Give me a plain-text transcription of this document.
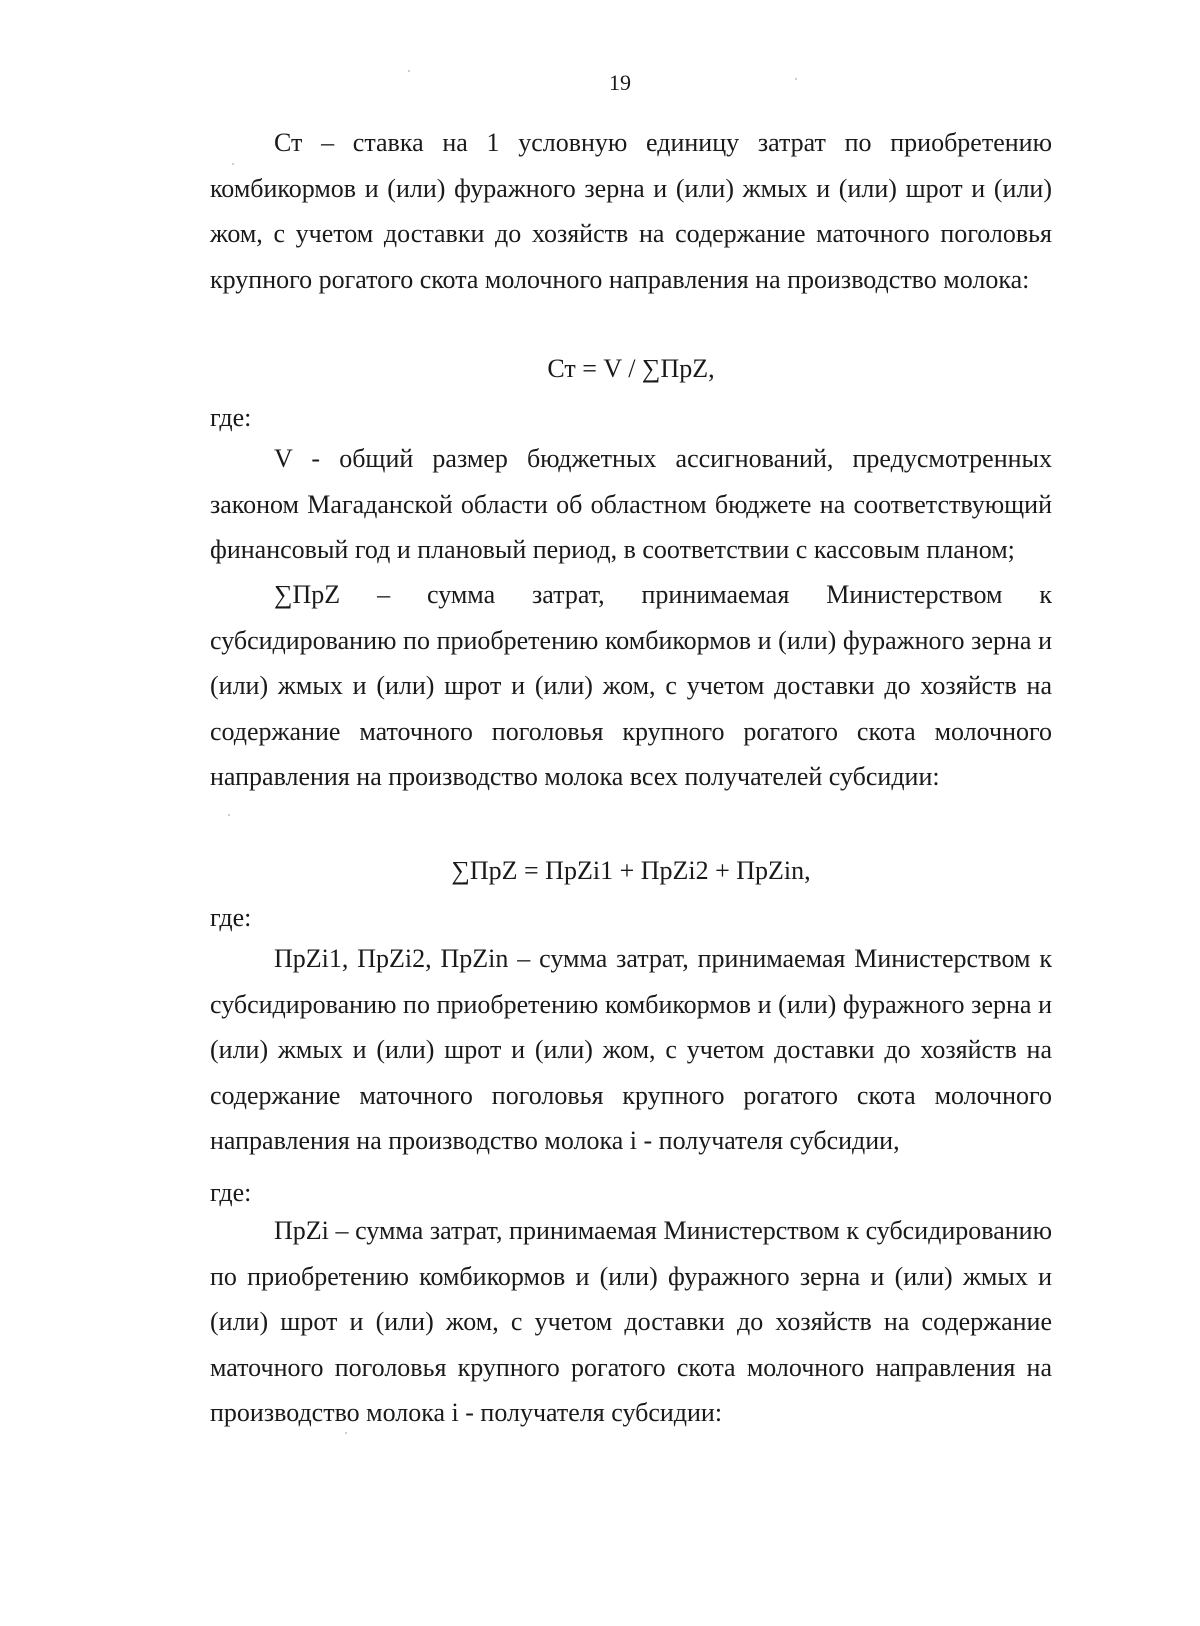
19

Ст – ставка на 1 условную единицу затрат по приобретению комбикормов и (или) фуражного зерна и (или) жмых и (или) шрот и (или) жом, с учетом доставки до хозяйств на содержание маточного поголовья крупного рогатого скота молочного направления на производство молока:

Ст = V / ∑ПрZ,

где:

V - общий размер бюджетных ассигнований, предусмотренных законом Магаданской области об областном бюджете на соответствующий финансовый год и плановый период, в соответствии с кассовым планом;

∑ПрZ – сумма затрат, принимаемая Министерством к субсидированию по приобретению комбикормов и (или) фуражного зерна и (или) жмых и (или) шрот и (или) жом, с учетом доставки до хозяйств на содержание маточного поголовья крупного рогатого скота молочного направления на производство молока всех получателей субсидии:

∑ПрZ = ПрZi1 + ПрZi2 + ПрZin,

где:

ПрZi1, ПрZi2, ПрZin – сумма затрат, принимаемая Министерством к субсидированию по приобретению комбикормов и (или) фуражного зерна и (или) жмых и (или) шрот и (или) жом, с учетом доставки до хозяйств на содержание маточного поголовья крупного рогатого скота молочного направления на производство молока i - получателя субсидии,

где:

ПрZi – сумма затрат, принимаемая Министерством к субсидированию по приобретению комбикормов и (или) фуражного зерна и (или) жмых и (или) шрот и (или) жом, с учетом доставки до хозяйств на содержание маточного поголовья крупного рогатого скота молочного направления на производство молока i - получателя субсидии:
